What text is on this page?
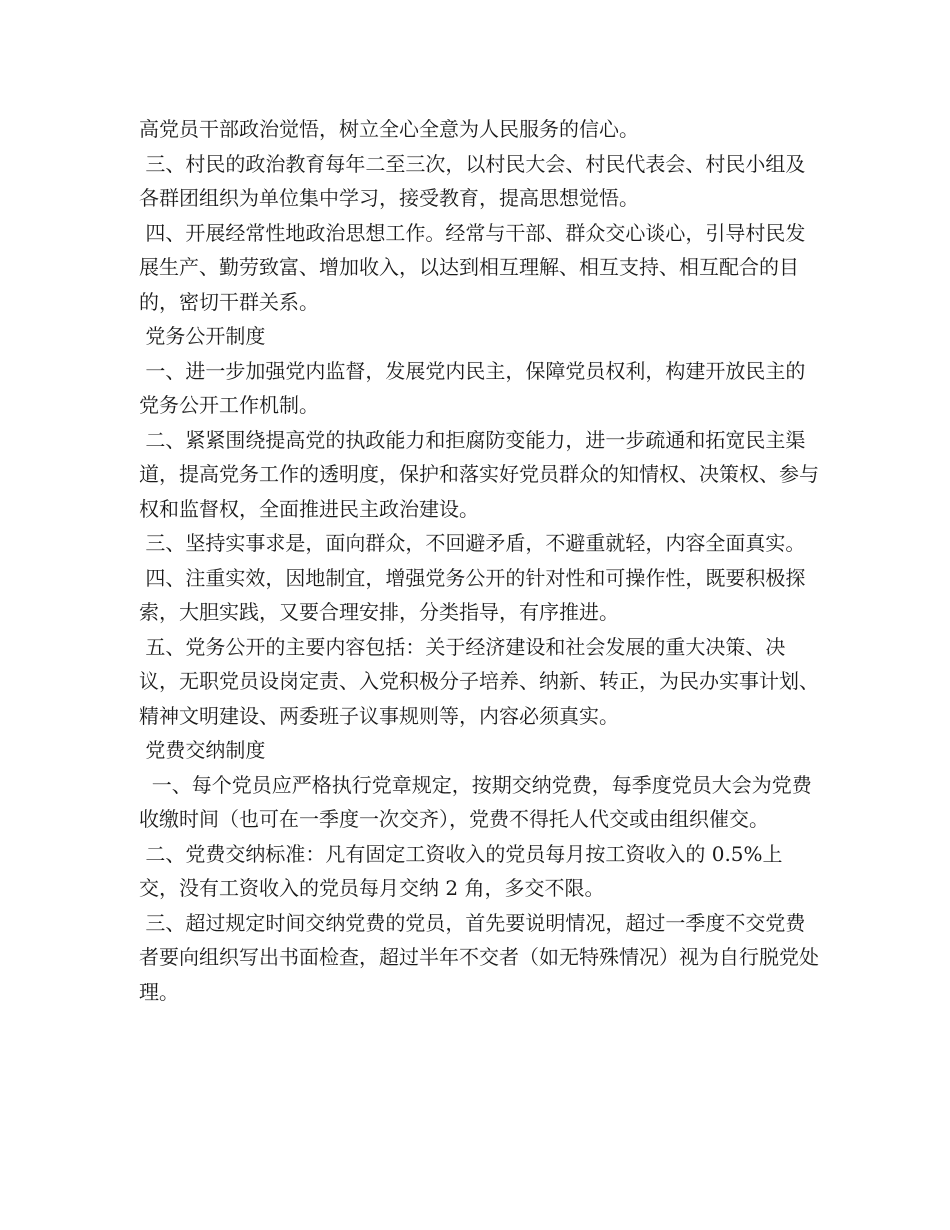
高党员干部政治觉悟，树立全心全意为人民服务的信心。

三、村民的政治教育每年二至三次，以村民大会、村民代表会、村民小组及各群团组织为单位集中学习，接受教育，提高思想觉悟。

四、开展经常性地政治思想工作。经常与干部、群众交心谈心，引导村民发展生产、勤劳致富、增加收入，以达到相互理解、相互支持、相互配合的目的，密切干群关系。

党务公开制度

一、进一步加强党内监督，发展党内民主，保障党员权利，构建开放民主的党务公开工作机制。

二、紧紧围绕提高党的执政能力和拒腐防变能力，进一步疏通和拓宽民主渠道，提高党务工作的透明度，保护和落实好党员群众的知情权、决策权、参与权和监督权，全面推进民主政治建设。

三、坚持实事求是，面向群众，不回避矛盾，不避重就轻，内容全面真实。

四、注重实效，因地制宜，增强党务公开的针对性和可操作性，既要积极探索，大胆实践，又要合理安排，分类指导，有序推进。

五、党务公开的主要内容包括：关于经济建设和社会发展的重大决策、决议，无职党员设岗定责、入党积极分子培养、纳新、转正，为民办实事计划、精神文明建设、两委班子议事规则等，内容必须真实。

党费交纳制度

一、每个党员应严格执行党章规定，按期交纳党费，每季度党员大会为党费收缴时间（也可在一季度一次交齐），党费不得托人代交或由组织催交。

二、党费交纳标准：凡有固定工资收入的党员每月按工资收入的 0.5%上交，没有工资收入的党员每月交纳 2 角，多交不限。

三、超过规定时间交纳党费的党员，首先要说明情况，超过一季度不交党费者要向组织写出书面检查，超过半年不交者（如无特殊情况）视为自行脱党处理。
